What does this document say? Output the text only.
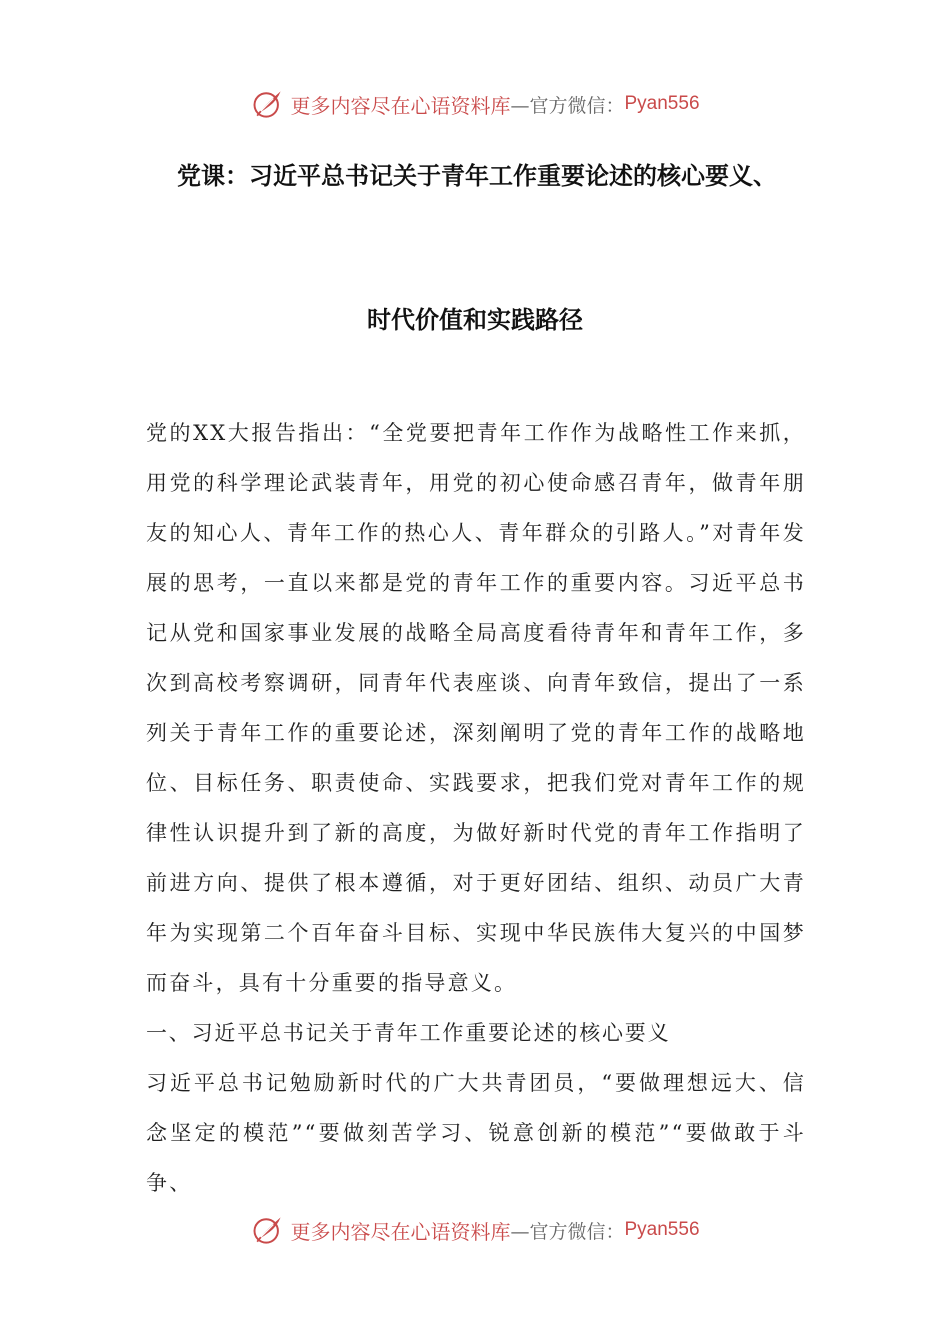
更多内容尽在心语资料库 —官方微信： Pyan556
党课：习近平总书记关于青年工作重要论述的核心要义、
时代价值和实践路径

党的XX大报告指出：“全党要把青年工作作为战略性工作来抓，用党的科学理论武装青年，用党的初心使命感召青年，做青年朋友的知心人、青年工作的热心人、青年群众的引路人。”对青年发展的思考，一直以来都是党的青年工作的重要内容。习近平总书记从党和国家事业发展的战略全局高度看待青年和青年工作，多次到高校考察调研，同青年代表座谈、向青年致信，提出了一系列关于青年工作的重要论述，深刻阐明了党的青年工作的战略地位、目标任务、职责使命、实践要求，把我们党对青年工作的规律性认识提升到了新的高度，为做好新时代党的青年工作指明了前进方向、提供了根本遵循，对于更好团结、组织、动员广大青年为实现第二个百年奋斗目标、实现中华民族伟大复兴的中国梦而奋斗，具有十分重要的指导意义。

一、习近平总书记关于青年工作重要论述的核心要义

习近平总书记勉励新时代的广大共青团员，“要做理想远大、信念坚定的模范”“要做刻苦学习、锐意创新的模范”“要做敢于斗争、

更多内容尽在心语资料库 —官方微信： Pyan556
